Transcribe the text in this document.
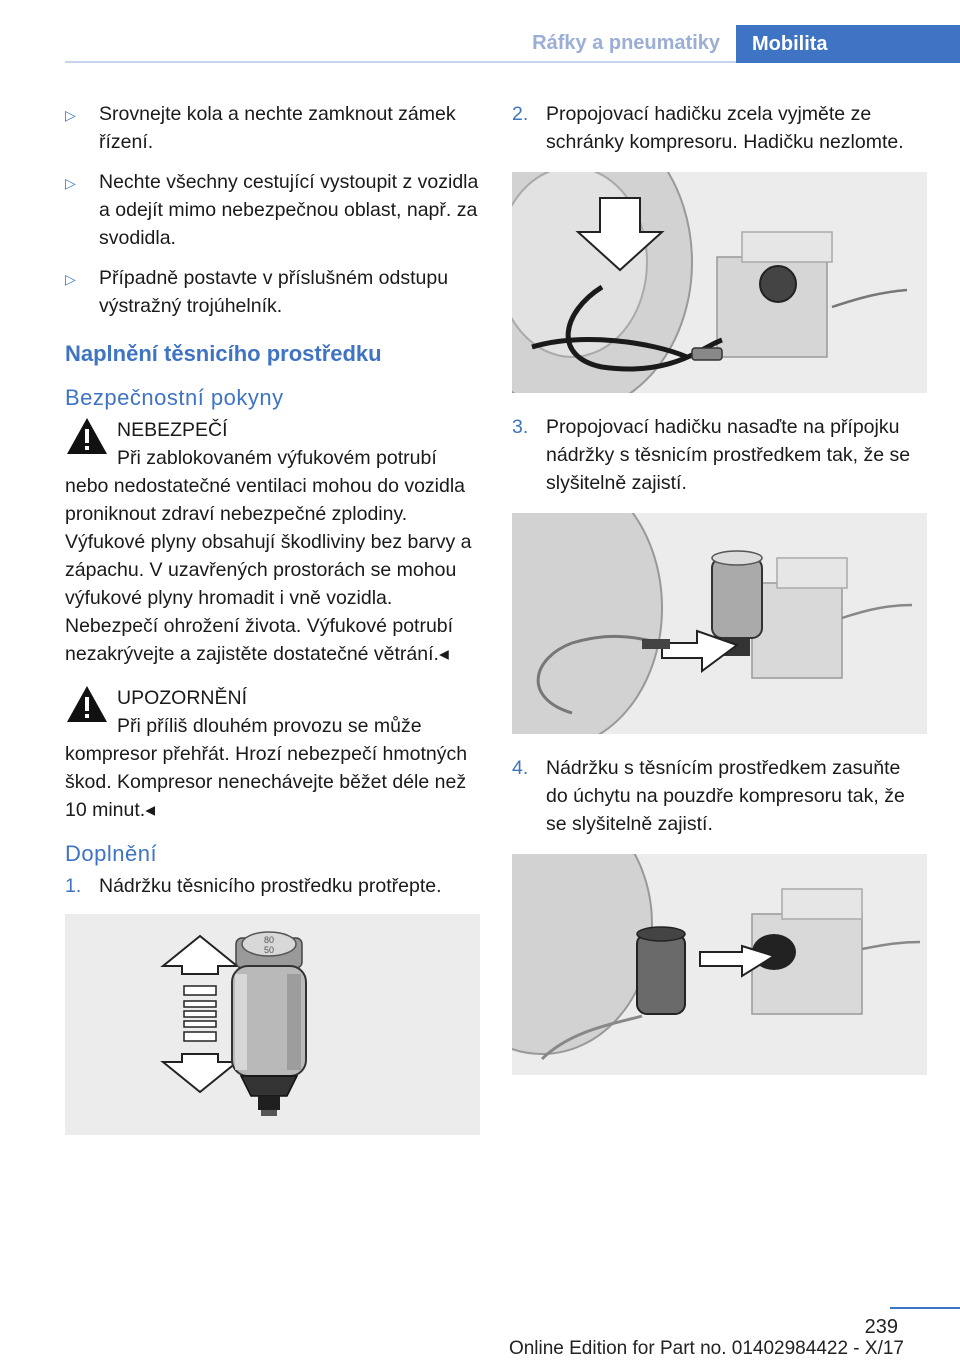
Ráfky a pneumatiky	Mobilita
▷	Srovnejte kola a nechte zamknout zámek řízení.
▷	Nechte všechny cestující vystoupit z vozidla a odejít mimo nebezpečnou oblast, např. za svodidla.
▷	Případně postavte v příslušném odstupu výstražný trojúhelník.
Naplnění těsnicího prostředku
Bezpečnostní pokyny
NEBEZPEČÍ
Při zablokovaném výfukovém potrubí nebo nedostatečné ventilaci mohou do vozidla proniknout zdraví nebezpečné zplodiny. Výfukové plyny obsahují škodliviny bez barvy a zápachu. V uzavřených prostorách se mohou výfukové plyny hromadit i vně vozidla. Nebezpečí ohrožení života. Výfukové potrubí nezakrývejte a zajistěte dostatečné větrání.◂
UPOZORNĚNÍ
Při příliš dlouhém provozu se může kompresor přehřát. Hrozí nebezpečí hmotných škod. Kompresor nenechávejte běžet déle než 10 minut.◂
Doplnění
1. Nádržku těsnicího prostředku protřepte.
80
50
2. Propojovací hadičku zcela vyjměte ze schránky kompresoru. Hadičku nezlomte.
3. Propojovací hadičku nasaďte na přípojku nádržky s těsnicím prostředkem tak, že se slyšitelně zajistí.
4. Nádržku s těsnícím prostředkem zasuňte do úchytu na pouzdře kompresoru tak, že se slyšitelně zajistí.
239
Online Edition for Part no. 01402984422 - X/17
